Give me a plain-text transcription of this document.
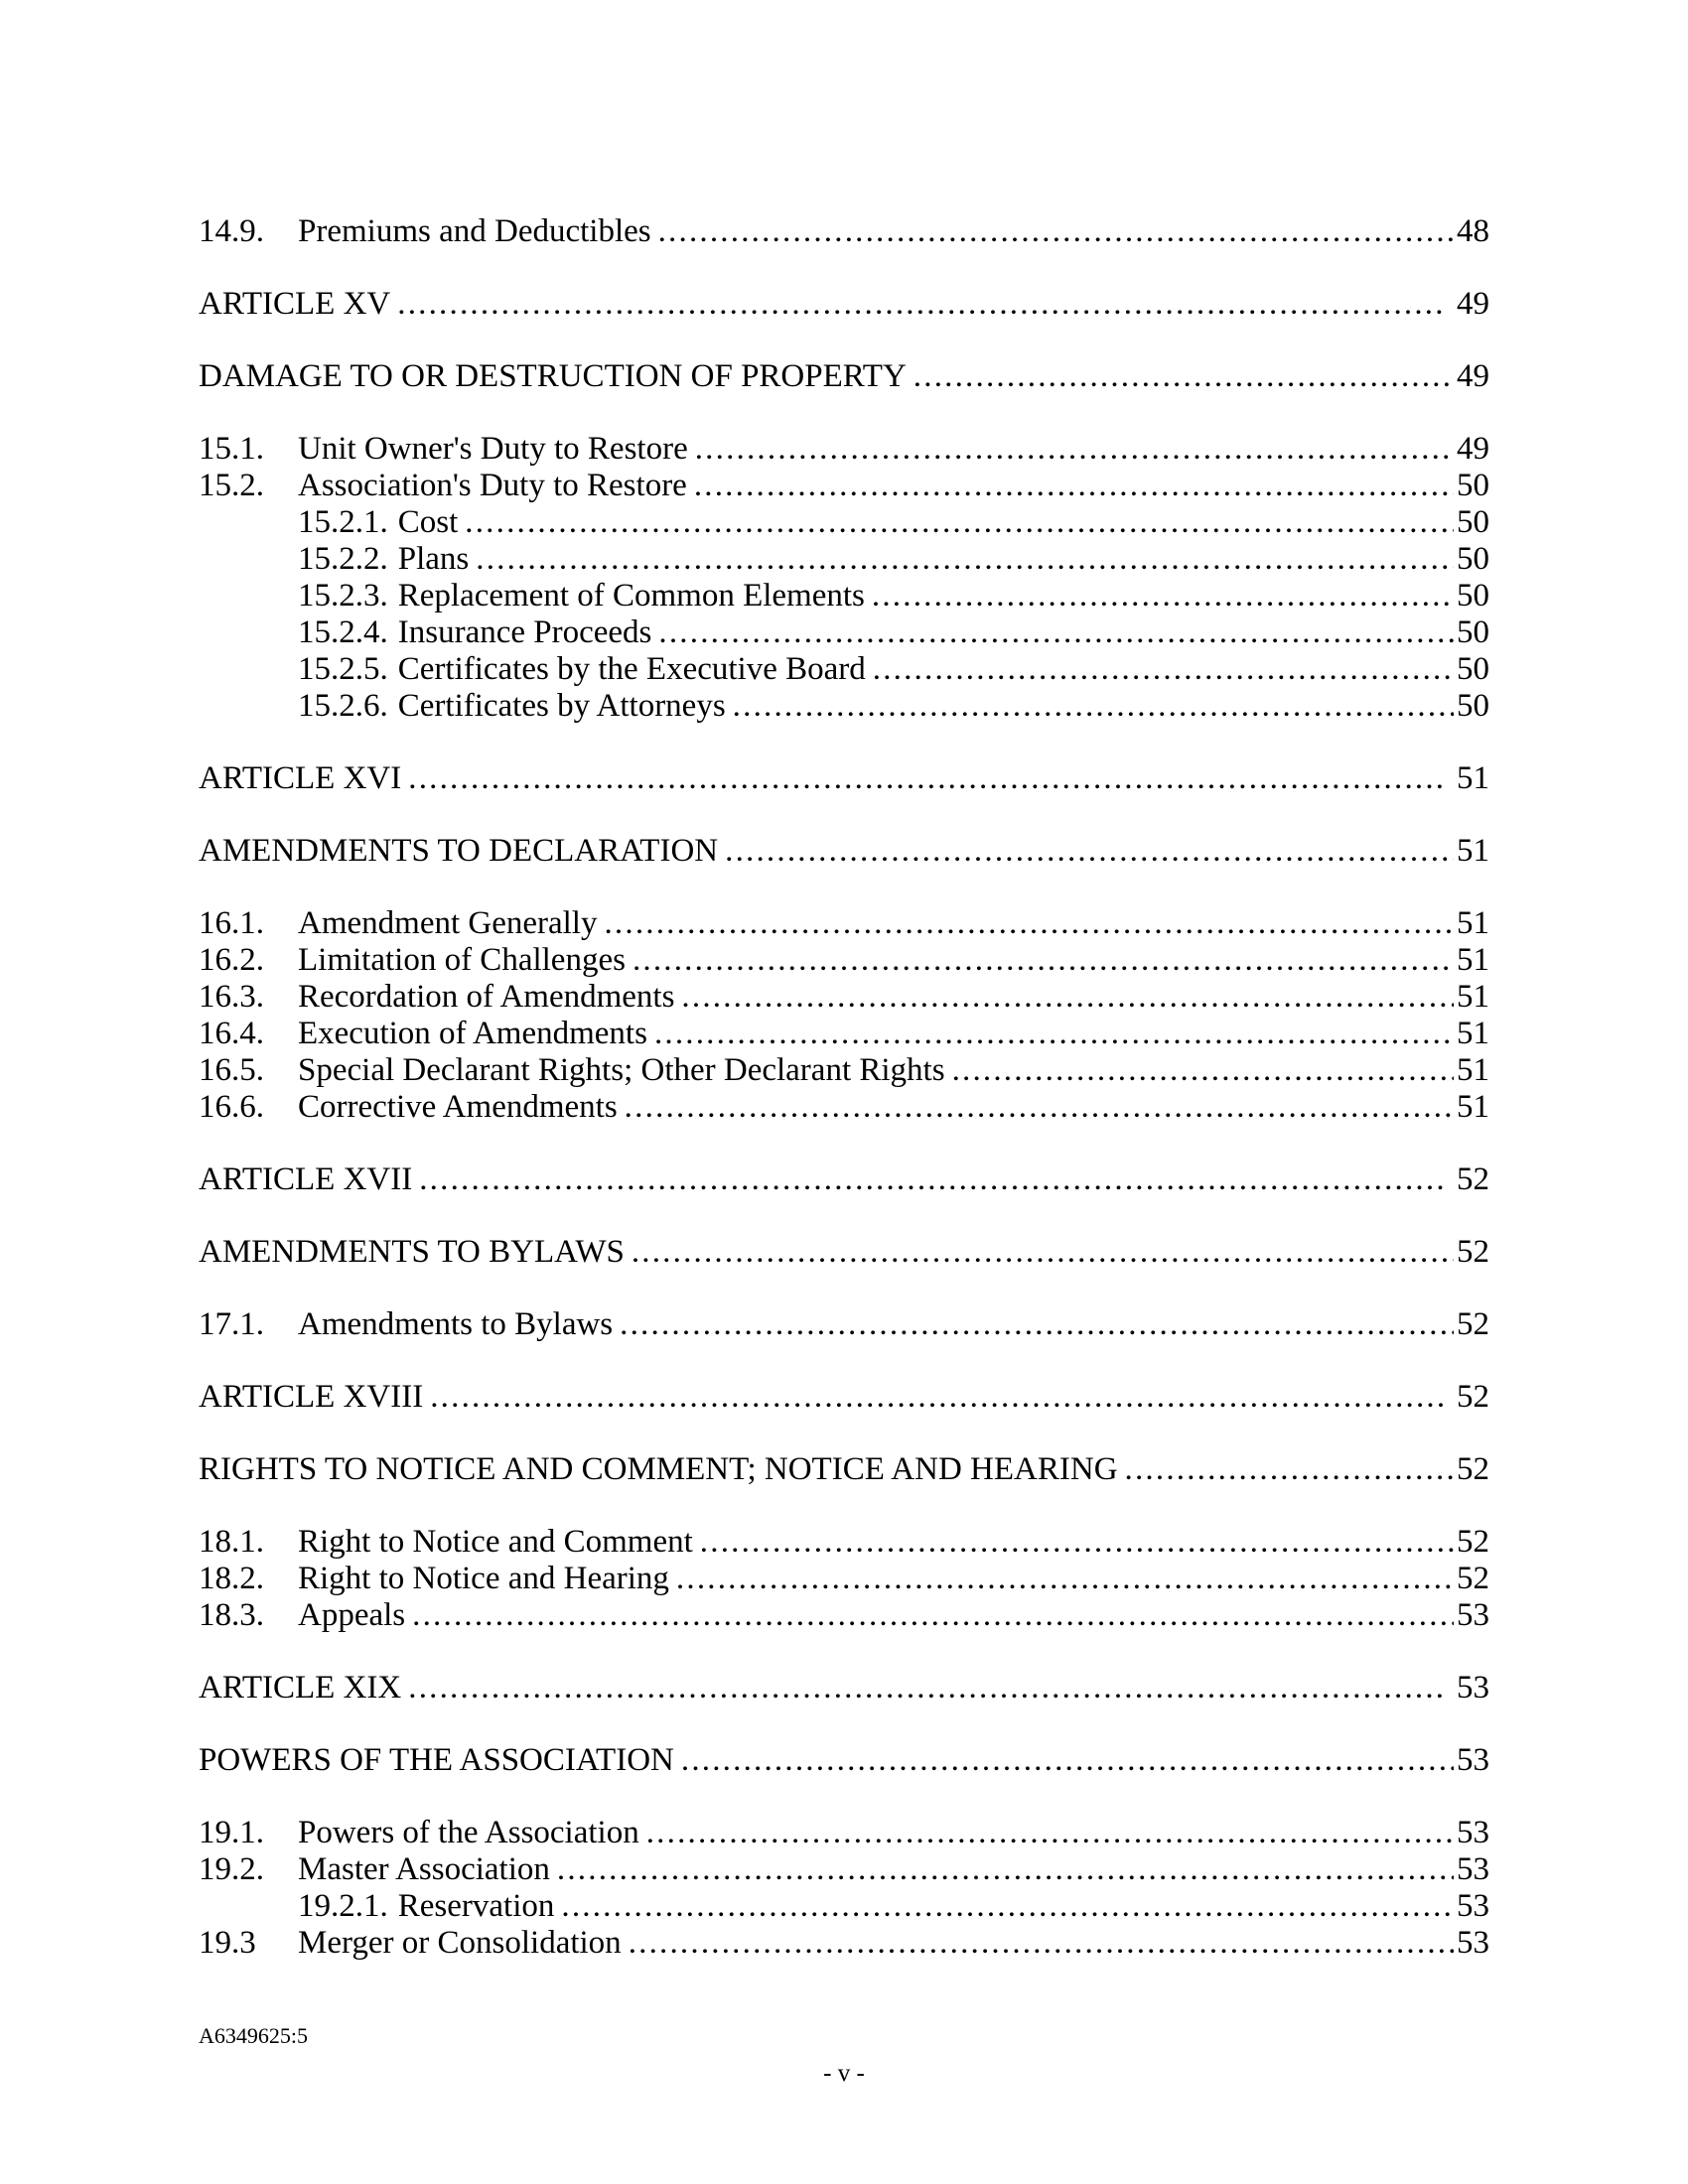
14.9.	Premiums and Deductibles .....	48
ARTICLE XV .....	49
DAMAGE TO OR DESTRUCTION OF PROPERTY .....	49
15.1.	Unit Owner's Duty to Restore .....	49
15.2.	Association's Duty to Restore .....	50
15.2.1. Cost .....	50
15.2.2. Plans .....	50
15.2.3. Replacement of Common Elements .....	50
15.2.4. Insurance Proceeds .....	50
15.2.5. Certificates by the Executive Board .....	50
15.2.6. Certificates by Attorneys .....	50
ARTICLE XVI .....	51
AMENDMENTS TO DECLARATION .....	51
16.1.	Amendment Generally .....	51
16.2.	Limitation of Challenges .....	51
16.3.	Recordation of Amendments .....	51
16.4.	Execution of Amendments .....	51
16.5.	Special Declarant Rights; Other Declarant Rights .....	51
16.6.	Corrective Amendments .....	51
ARTICLE XVII .....	52
AMENDMENTS TO BYLAWS .....	52
17.1.	Amendments to Bylaws .....	52
ARTICLE XVIII .....	52
RIGHTS TO NOTICE AND COMMENT; NOTICE AND HEARING .....	52
18.1.	Right to Notice and Comment .....	52
18.2.	Right to Notice and Hearing .....	52
18.3.	Appeals .....	53
ARTICLE XIX .....	53
POWERS OF THE ASSOCIATION .....	53
19.1.	Powers of the Association .....	53
19.2.	Master Association .....	53
19.2.1. Reservation .....	53
19.3	Merger or Consolidation .....	53
A6349625:5
- v -
